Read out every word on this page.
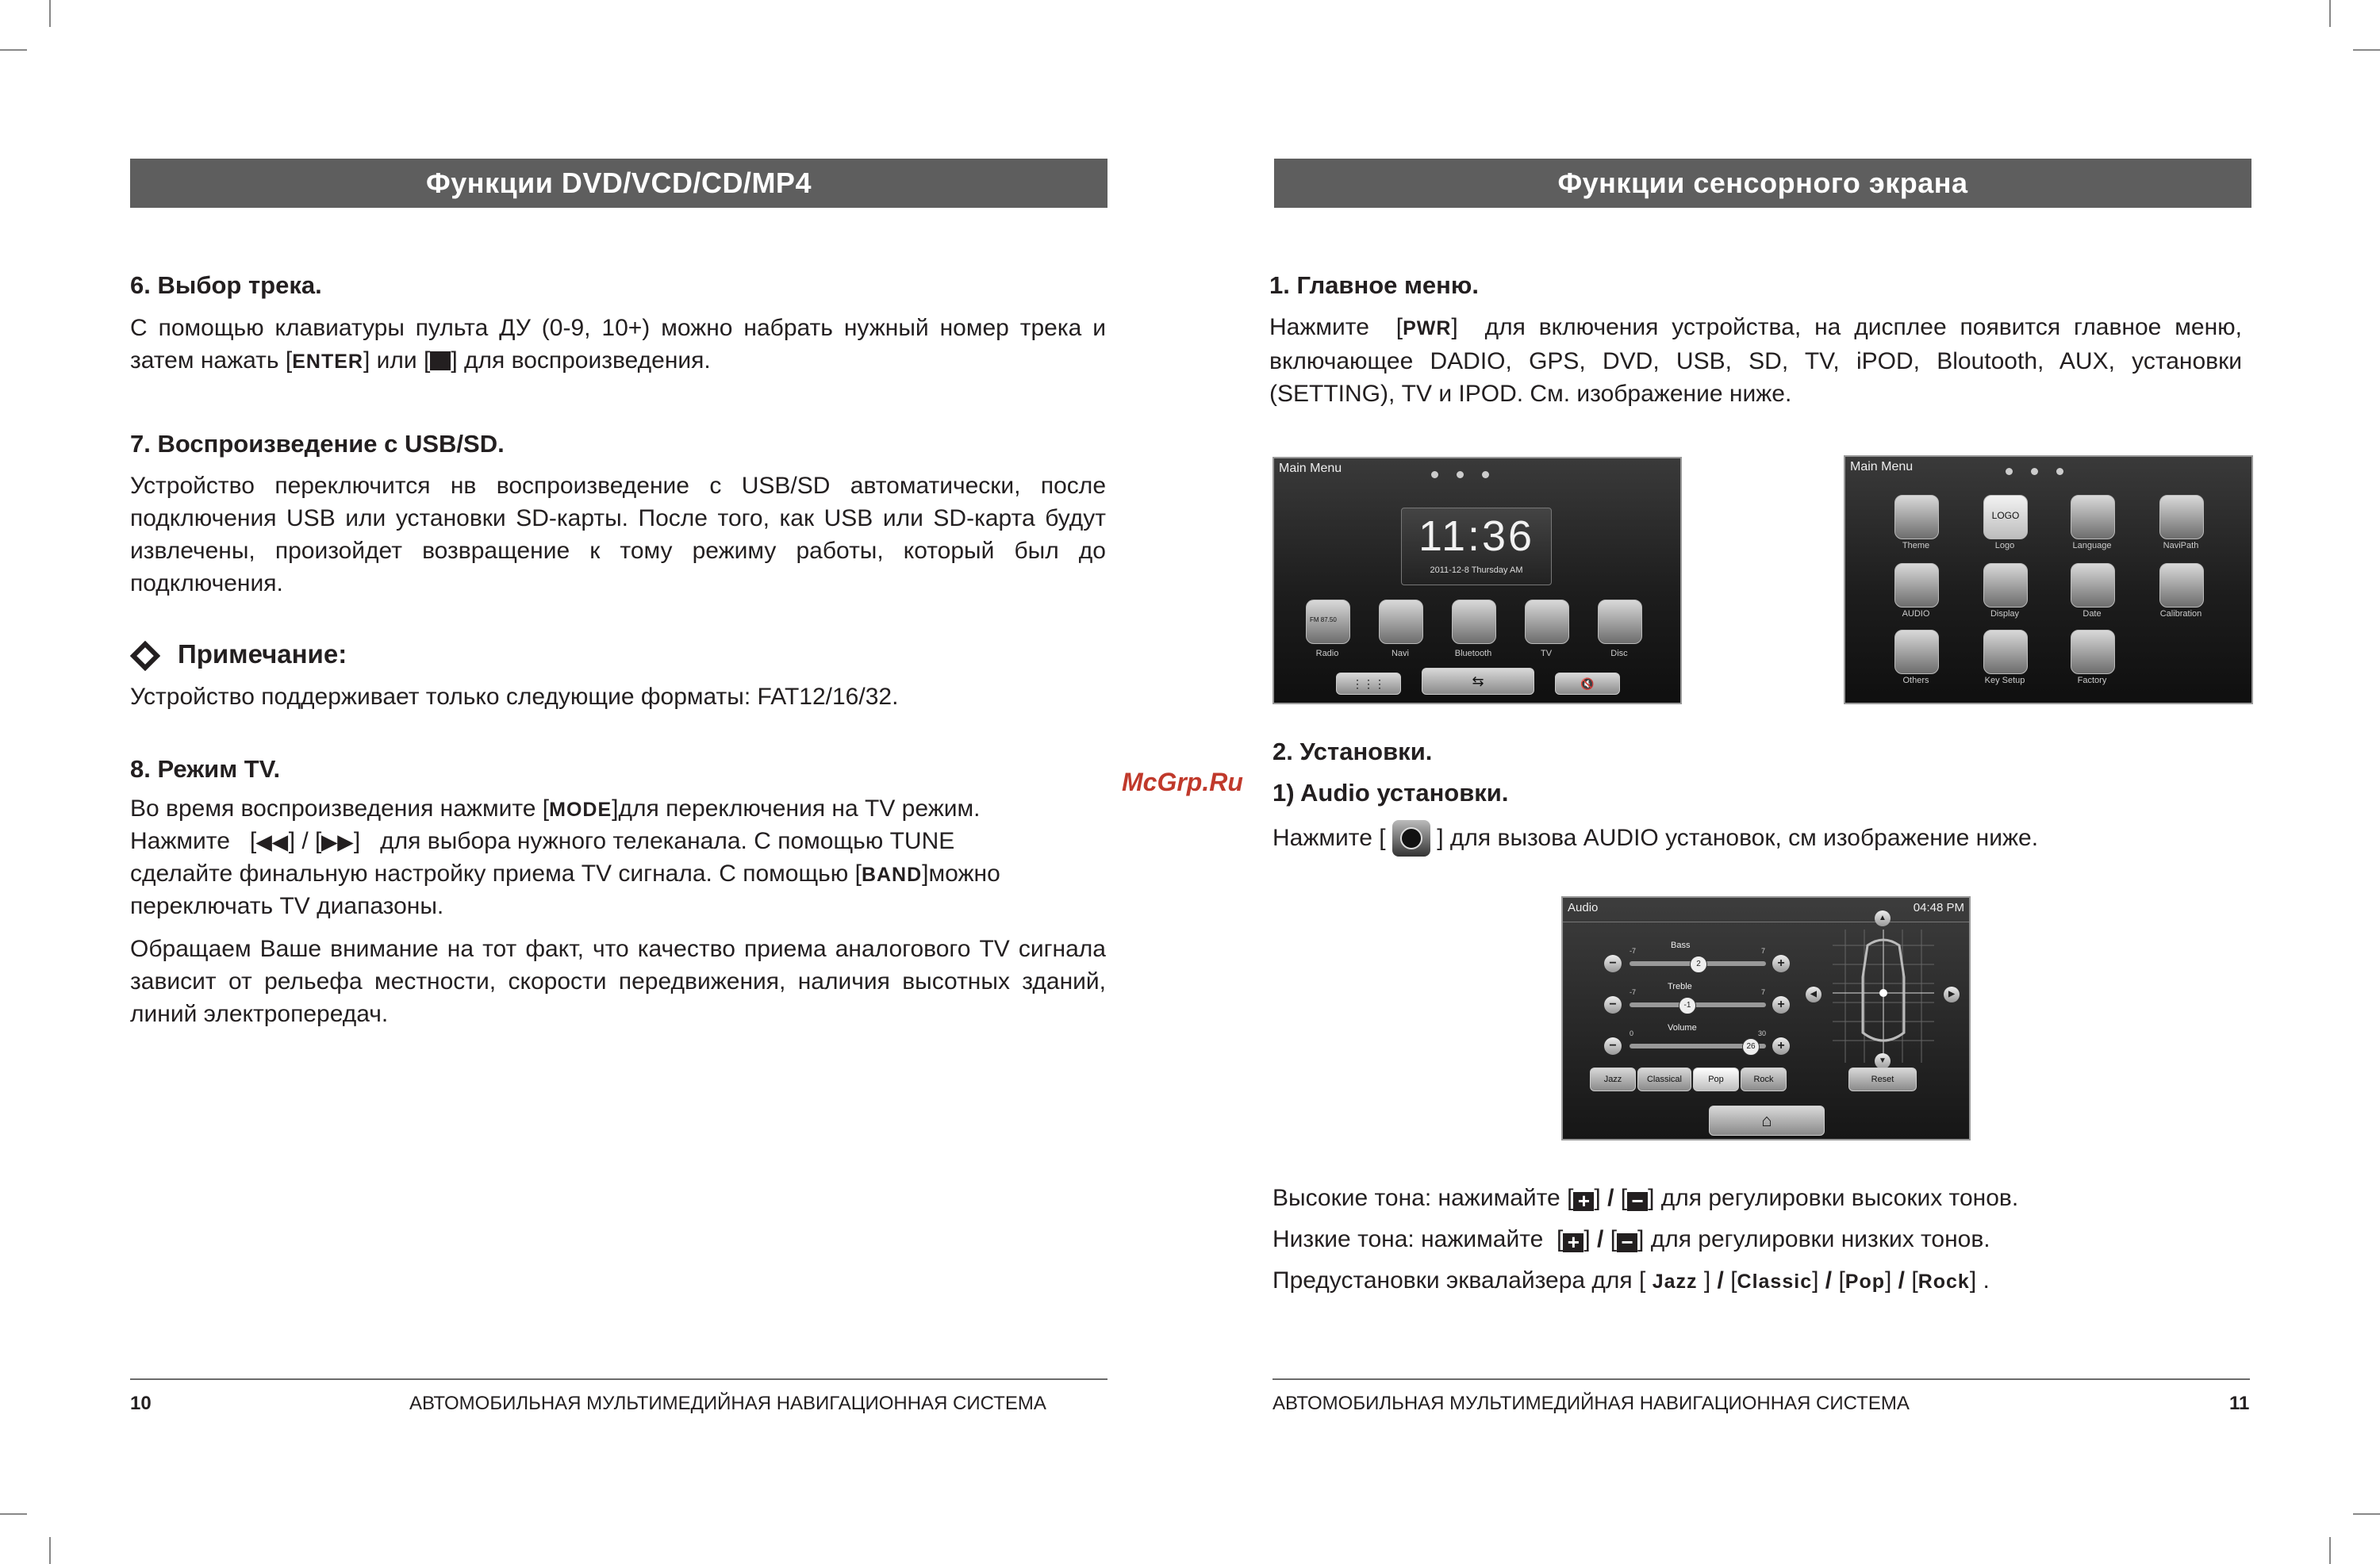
Функции DVD/VCD/CD/MP4
6. Выбор трека.
С помощью клавиатуры пульта ДУ (0-9, 10+) можно набрать нужный номер трека и затем нажать [ENTER] или [ ] для воспроизведения.
7. Воспроизведение с USB/SD.
Устройство переключится нв воспроизведение с USB/SD автоматически, после подключения USB или установки SD-карты. После того, как USB или SD-карта будут извлечены, произойдет возвращение к тому режиму работы, который был до подключения.
Примечание:
Устройство поддерживает только следующие форматы: FAT12/16/32.
8. Режим TV.
Во время воспроизведения нажмите [MODE]для переключения на TV режим.
Нажмите   [◀◀] / [▶▶]   для выбора нужного телеканала. С помощью TUNE
сделайте финальную настройку приема TV сигнала. С помощью [BAND]можно
переключать TV диапазоны.
Обращаем Ваше внимание на тот факт, что качество приема аналогового TV сигнала зависит от рельефа местности, скорости передвижения, наличия высотных зданий, линий электропередач.
10	АВТОМОБИЛЬНАЯ МУЛЬТИМЕДИЙНАЯ НАВИГАЦИОННАЯ СИСТЕМА
Функции сенсорного экрана
1. Главное меню.
Нажмите  [PWR]  для включения устройства, на дисплее появится главное меню, включающее DADIO, GPS, DVD, USB, SD, TV, iPOD, Bloutooth, AUX, установки (SETTING), TV и IPOD. См. изображение ниже.
Main Menu
11:36
2011-12-8 Thursday AM
FM 87.50
Radio	Navi	Bluetooth	TV	Disc
⋮⋮⋮	⇆	🔇
Main Menu
LOGO
Theme	Logo	Language	NaviPath
AUDIO	Display	Date	Calibration
Others	Key Setup	Factory
2. Установки.
1) Audio установки.
McGrp.Ru
Нажмите [ ] для вызова AUDIO установок, см изображение ниже.
Audio	04:48 PM
Bass
-7	7
−	2	+
Treble
-7	7
−	-1	+
Volume
0	30
−	26	+
Jazz	Classical	Pop	Rock
▲
▼
◀	▶
Reset
⌂
Высокие тона: нажимайте [ + ] / [ − ] для регулировки высоких тонов.
Низкие тона: нажимайте  [ + ] / [ − ] для регулировки низких тонов.
Предустановки эквалайзера для [ Jazz ] / [Classic] / [Pop] / [Rock] .
АВТОМОБИЛЬНАЯ МУЛЬТИМЕДИЙНАЯ НАВИГАЦИОННАЯ СИСТЕМА	11
